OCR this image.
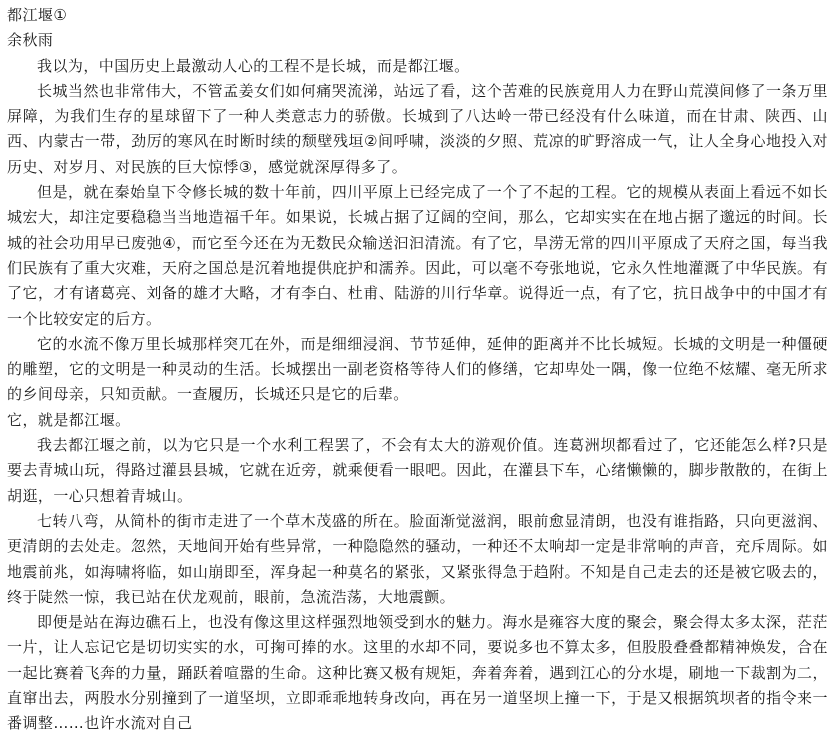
都江堰①
余秋雨

我以为，中国历史上最激动人心的工程不是长城，而是都江堰。

长城当然也非常伟大，不管孟姜女们如何痛哭流涕，站远了看，这个苦难的民族竟用人力在野山荒漠间修了一条万里屏障，为我们生存的星球留下了一种人类意志力的骄傲。长城到了八达岭一带已经没有什么味道，而在甘肃、陕西、山西、内蒙古一带，劲厉的寒风在时断时续的颓壁残垣②间呼啸，淡淡的夕照、荒凉的旷野溶成一气，让人全身心地投入对历史、对岁月、对民族的巨大惊悸③，感觉就深厚得多了。

但是，就在秦始皇下令修长城的数十年前，四川平原上已经完成了一个了不起的工程。它的规模从表面上看远不如长城宏大，却注定要稳稳当当地造福千年。如果说，长城占据了辽阔的空间，那么，它却实实在在地占据了邈远的时间。长城的社会功用早已废弛④，而它至今还在为无数民众输送汩汩清流。有了它，旱涝无常的四川平原成了天府之国，每当我们民族有了重大灾难，天府之国总是沉着地提供庇护和濡养。因此，可以毫不夸张地说，它永久性地灌溉了中华民族。有了它，才有诸葛亮、刘备的雄才大略，才有李白、杜甫、陆游的川行华章。说得近一点，有了它，抗日战争中的中国才有一个比较安定的后方。

它的水流不像万里长城那样突兀在外，而是细细浸润、节节延伸，延伸的距离并不比长城短。长城的文明是一种僵硬的雕塑，它的文明是一种灵动的生活。长城摆出一副老资格等待人们的修缮，它却卑处一隅，像一位绝不炫耀、毫无所求的乡间母亲，只知贡献。一查履历，长城还只是它的后辈。

它，就是都江堰。

我去都江堰之前，以为它只是一个水利工程罢了，不会有太大的游观价值。连葛洲坝都看过了，它还能怎么样?只是要去青城山玩，得路过灌县县城，它就在近旁，就乘便看一眼吧。因此，在灌县下车，心绪懒懒的，脚步散散的，在街上胡逛，一心只想着青城山。

七转八弯，从简朴的街市走进了一个草木茂盛的所在。脸面渐觉滋润，眼前愈显清朗，也没有谁指路，只向更滋润、更清朗的去处走。忽然，天地间开始有些异常，一种隐隐然的骚动，一种还不太响却一定是非常响的声音，充斥周际。如地震前兆，如海啸将临，如山崩即至，浑身起一种莫名的紧张，又紧张得急于趋附。不知是自己走去的还是被它吸去的，终于陡然一惊，我已站在伏龙观前，眼前，急流浩荡，大地震颤。

即便是站在海边礁石上，也没有像这里这样强烈地领受到水的魅力。海水是雍容大度的聚会，聚会得太多太深，茫茫一片，让人忘记它是切切实实的水，可掬可捧的水。这里的水却不同，要说多也不算太多，但股股叠叠都精神焕发，合在一起比赛着飞奔的力量，踊跃着喧嚣的生命。这种比赛又极有规矩，奔着奔着，遇到江心的分水堤，刷地一下裁割为二，直窜出去，两股水分别撞到了一道坚坝，立即乖乖地转身改向，再在另一道坚坝上撞一下，于是又根据筑坝者的指令来一番调整……也许水流对自己
